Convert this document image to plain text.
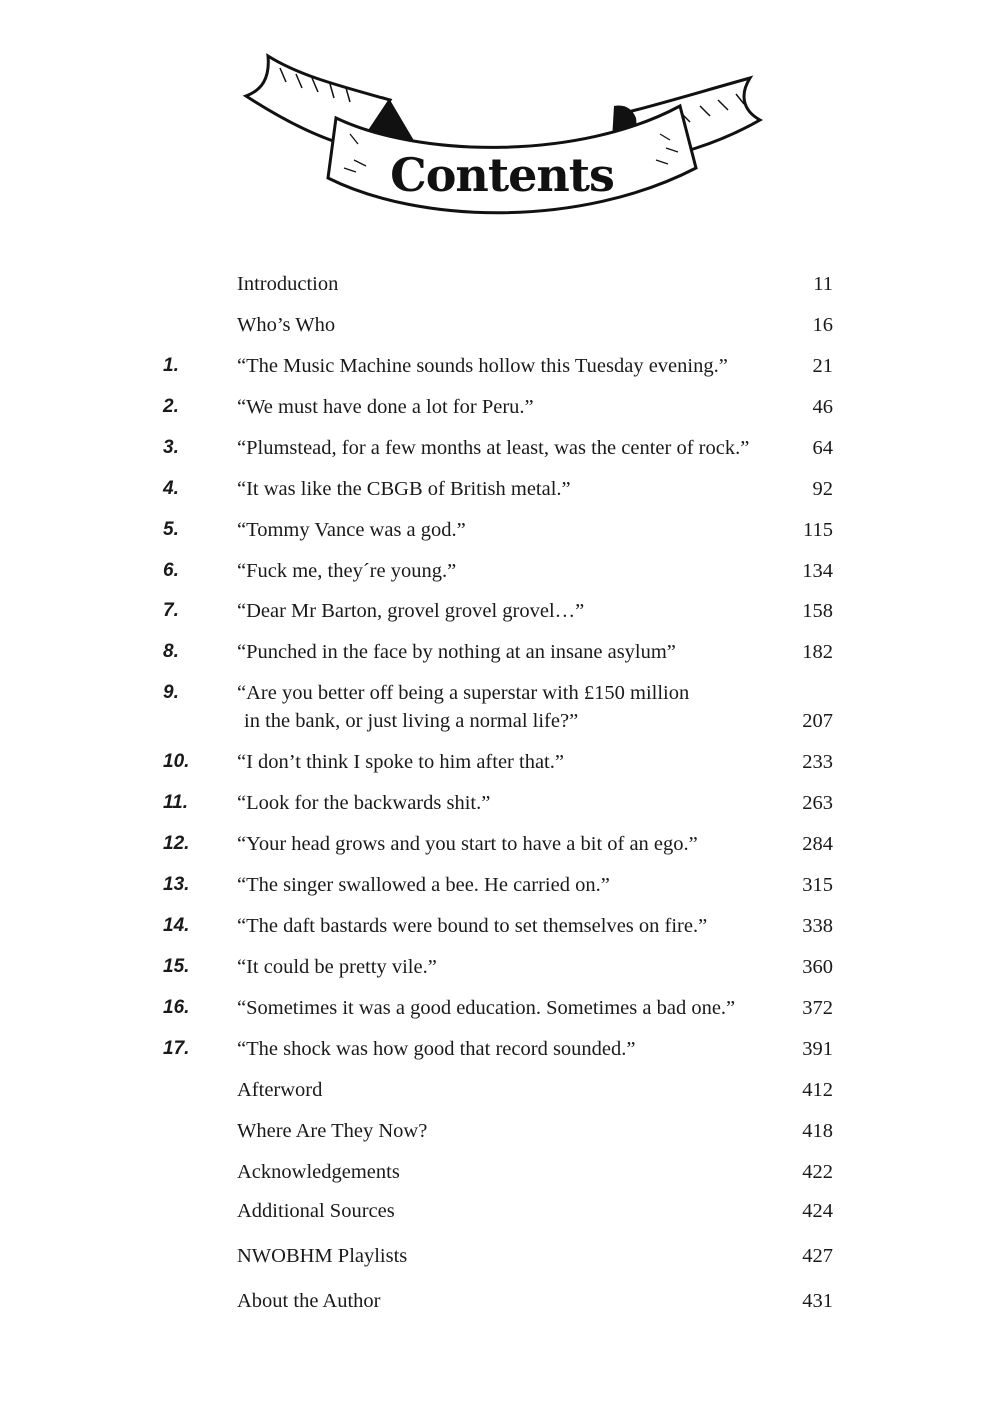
Contents
Introduction	11
Who’s Who	16
1.	“The Music Machine sounds hollow this Tuesday evening.”	21
2.	“We must have done a lot for Peru.”	46
3.	“Plumstead, for a few months at least, was the center of rock.”	64
4.	“It was like the CBGB of British metal.”	92
5.	“Tommy Vance was a god.”	115
6.	“Fuck me, they´re young.”	134
7.	“Dear Mr Barton, grovel grovel grovel…”	158
8.	“Punched in the face by nothing at an insane asylum”	182
9.	“Are you better off being a superstar with £150 million
in the bank, or just living a normal life?”	207
10. “I don’t think I spoke to him after that.”	233
11. “Look for the backwards shit.”	263
12. “Your head grows and you start to have a bit of an ego.”	284
13. “The singer swallowed a bee. He carried on.”	315
14. “The daft bastards were bound to set themselves on fire.”	338
15. “It could be pretty vile.”	360
16. “Sometimes it was a good education. Sometimes a bad one.”	372
17. “The shock was how good that record sounded.”	391
Afterword	412
Where Are They Now?	418
Acknowledgements	422
Additional Sources	424
NWOBHM Playlists	427
About the Author	431
